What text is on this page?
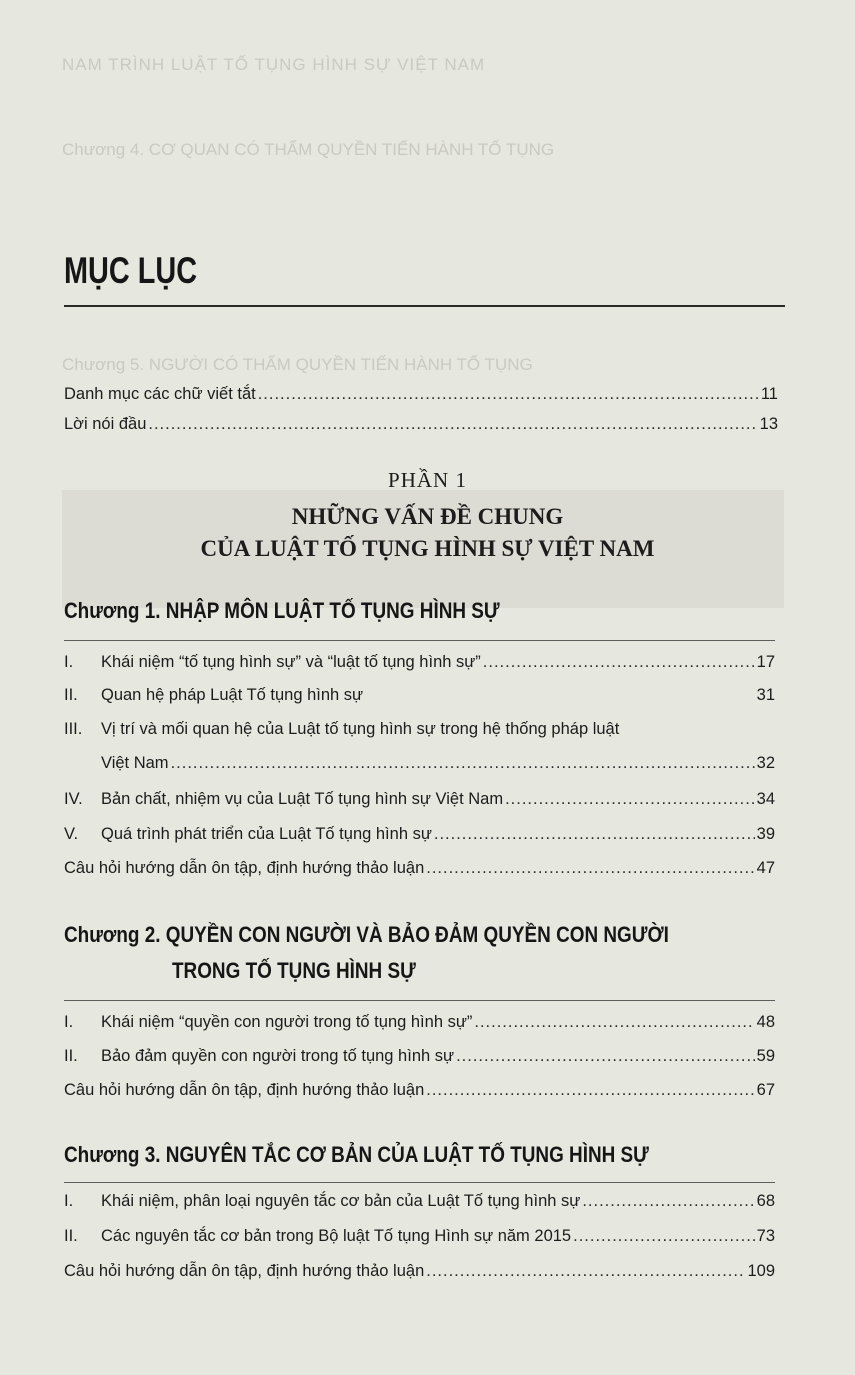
NAM TRÌNH LUẬT TỐ TỤNG HÌNH SỰ VIỆT NAM
Chương 4. CƠ QUAN CÓ THẨM QUYỀN TIẾN HÀNH TỐ TỤNG
Chương 5. NGƯỜI CÓ THẨM QUYỀN TIẾN HÀNH TỐ TỤNG
MỤC LỤC
Danh mục các chữ viết tắt .....	11
Lời nói đầu .....	13
PHẦN 1
NHỮNG VẤN ĐỀ CHUNG
CỦA LUẬT TỐ TỤNG HÌNH SỰ VIỆT NAM
Chương 1. NHẬP MÔN LUẬT TỐ TỤNG HÌNH SỰ
I.	Khái niệm “tố tụng hình sự” và “luật tố tụng hình sự” .....	17
II.	Quan hệ pháp Luật Tố tụng hình sự	31
III.	Vị trí và mối quan hệ của Luật tố tụng hình sự trong hệ thống pháp luật
Việt Nam .....	32
IV.	Bản chất, nhiệm vụ của Luật Tố tụng hình sự Việt Nam .....	34
V.	Quá trình phát triển của Luật Tố tụng hình sự .....	39
Câu hỏi hướng dẫn ôn tập, định hướng thảo luận .....	47
Chương 2. QUYỀN CON NGƯỜI VÀ BẢO ĐẢM QUYỀN CON NGƯỜI
TRONG TỐ TỤNG HÌNH SỰ
I.	Khái niệm “quyền con người trong tố tụng hình sự” .....	48
II.	Bảo đảm quyền con người trong tố tụng hình sự .....	59
Câu hỏi hướng dẫn ôn tập, định hướng thảo luận .....	67
Chương 3. NGUYÊN TẮC CƠ BẢN CỦA LUẬT TỐ TỤNG HÌNH SỰ
I.	Khái niệm, phân loại nguyên tắc cơ bản của Luật Tố tụng hình sự .....	68
II.	Các nguyên tắc cơ bản trong Bộ luật Tố tụng Hình sự năm 2015 .....	73
Câu hỏi hướng dẫn ôn tập, định hướng thảo luận .....	109
